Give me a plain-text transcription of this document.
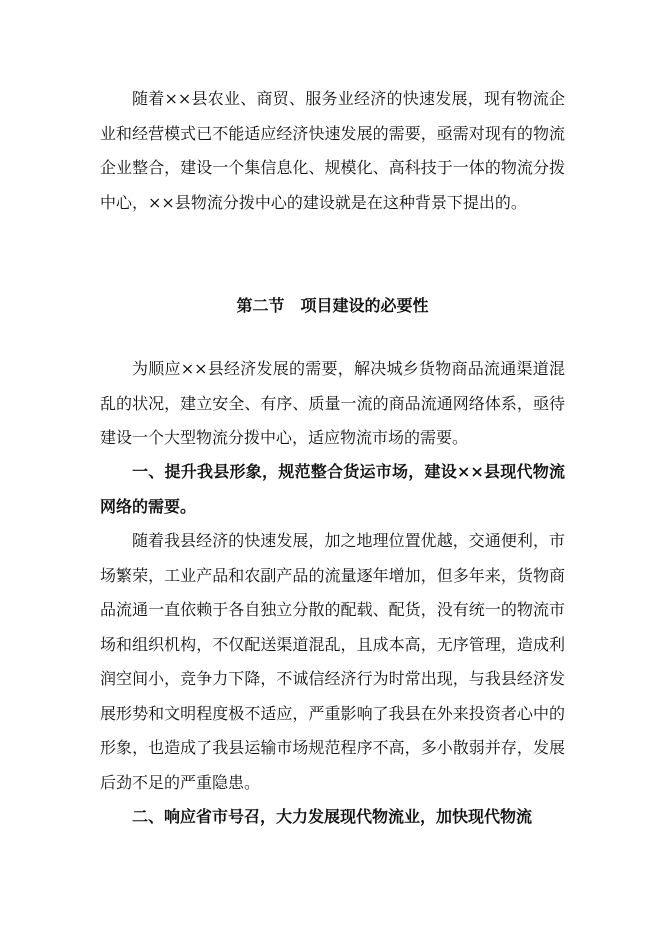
随着××县农业、商贸、服务业经济的快速发展，现有物流企业和经营模式已不能适应经济快速发展的需要，亟需对现有的物流企业整合，建设一个集信息化、规模化、高科技于一体的物流分拨中心，××县物流分拨中心的建设就是在这种背景下提出的。

第二节　项目建设的必要性

为顺应××县经济发展的需要，解决城乡货物商品流通渠道混乱的状况，建立安全、有序、质量一流的商品流通网络体系，亟待建设一个大型物流分拨中心，适应物流市场的需要。

一、提升我县形象，规范整合货运市场，建设××县现代物流网络的需要。

随着我县经济的快速发展，加之地理位置优越，交通便利，市场繁荣，工业产品和农副产品的流量逐年增加，但多年来，货物商品流通一直依赖于各自独立分散的配载、配货，没有统一的物流市场和组织机构，不仅配送渠道混乱，且成本高，无序管理，造成利润空间小，竞争力下降，不诚信经济行为时常出现，与我县经济发展形势和文明程度极不适应，严重影响了我县在外来投资者心中的形象，也造成了我县运输市场规范程序不高，多小散弱并存，发展后劲不足的严重隐患。

二、响应省市号召，大力发展现代物流业，加快现代物流
